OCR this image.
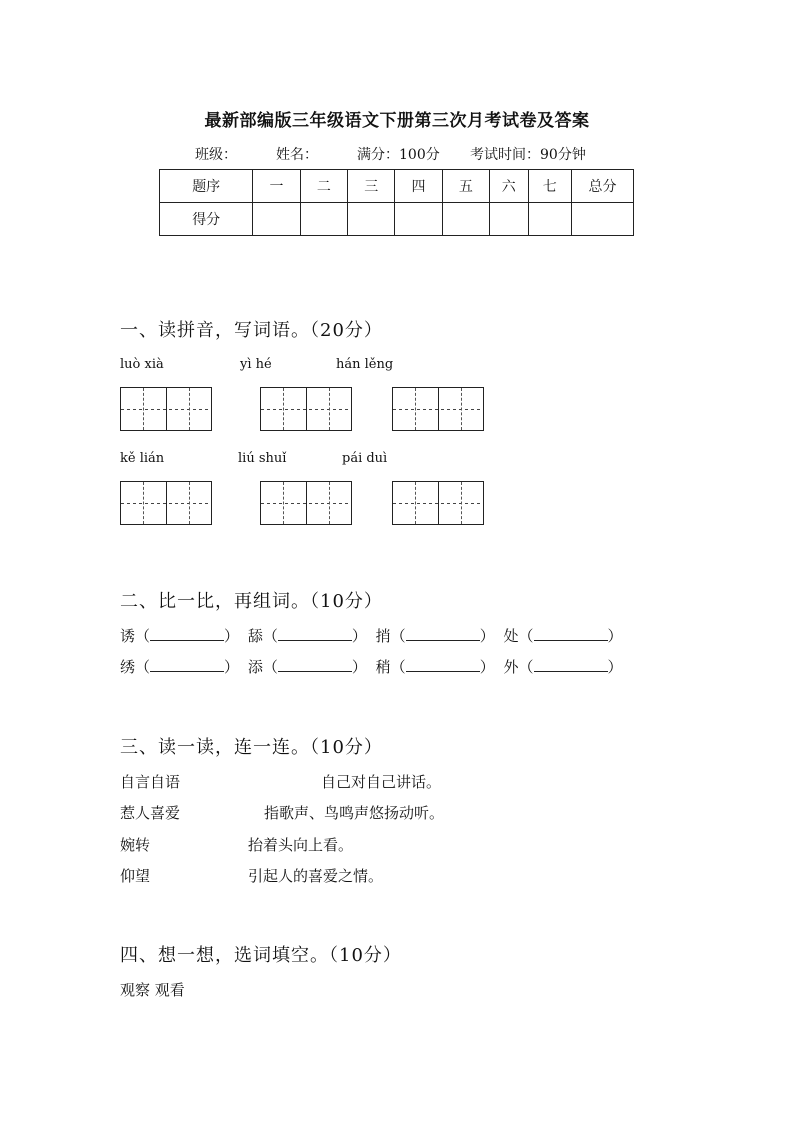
最新部编版三年级语文下册第三次月考试卷及答案
班级：	姓名：	满分：100分 考试时间：90分钟
题序	一	二	三	四	五	六	七	总分
得分								
一、读拼音，写词语。（20分）
luò xià	yì hé	hán lěng
kě lián	liú shuǐ	pái duì
二、比一比，再组词。（10分）
诱（	） 舔（	） 捎（	） 处（	）
绣（	） 添（	） 稍（	） 外（	）
三、读一读，连一连。（10分）
自言自语	自己对自己讲话。
惹人喜爱	指歌声、鸟鸣声悠扬动听。
婉转	抬着头向上看。
仰望	引起人的喜爱之情。
四、想一想，选词填空。（10分）
观察 观看
